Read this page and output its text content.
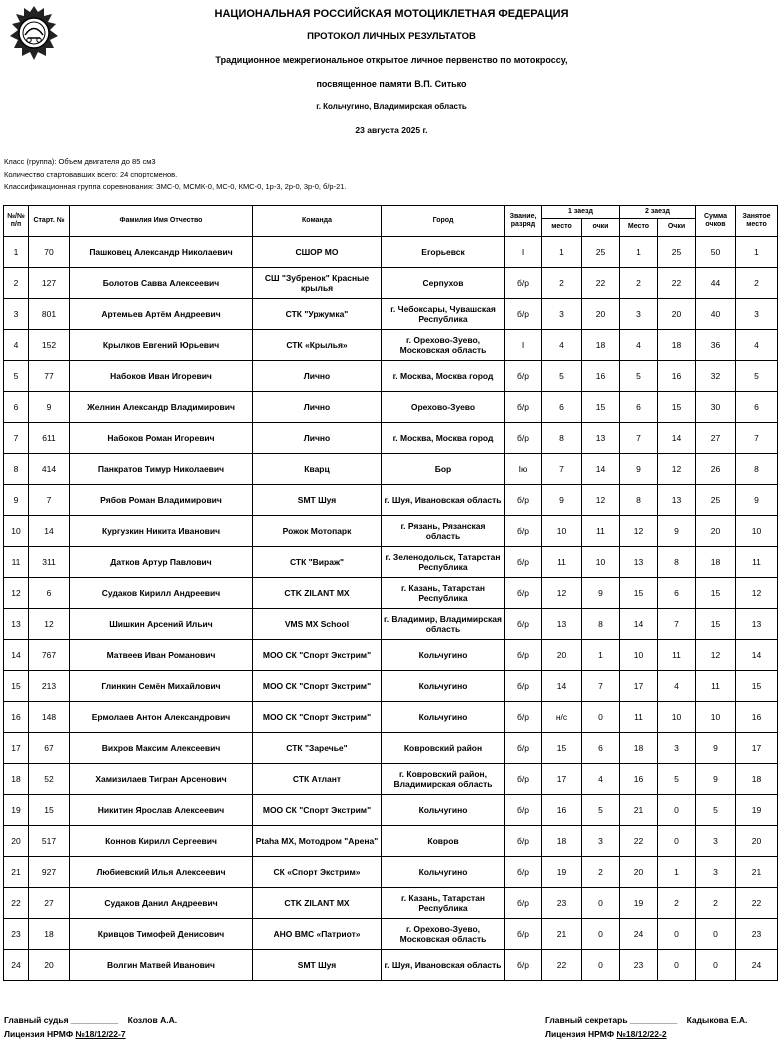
НАЦИОНАЛЬНАЯ РОССИЙСКАЯ МОТОЦИКЛЕТНАЯ ФЕДЕРАЦИЯ
ПРОТОКОЛ ЛИЧНЫХ РЕЗУЛЬТАТОВ
Традиционное межрегиональное открытое личное первенство по мотокроссу,
посвященное памяти В.П. Ситько
г. Кольчугино, Владимирская область
23 августа 2025 г.
Класс (группа): Объем двигателя до 85 см3
Количество стартовавших всего: 24 спортсменов.
Классификационная группа соревнования: ЗМС-0, МСМК-0, МС-0, КМС-0, 1р-3, 2р-0, 3р-0, б/р-21.
№/№ п/п	Старт. №	Фамилия Имя Отчество	Команда	Город	Звание, разряд	1 заезд		2 заезд		Сумма очков	Занятое место
						место	очки	Место	Очки		
1	70	Пашковец Александр Николаевич	СШОР МО	Егорьевск	I	1	25	1	25	50	1
2	127	Болотов Савва Алексеевич	СШ "Зубренок" Красные крылья	Серпухов	б/р	2	22	2	22	44	2
3	801	Артемьев Артём Андреевич	СТК "Уржумка"	г. Чебоксары, Чувашская Республика	б/р	3	20	3	20	40	3
4	152	Крылков Евгений Юрьевич	СТК «Крылья»	г. Орехово-Зуево, Московская область	I	4	18	4	18	36	4
5	77	Набоков Иван Игоревич	Лично	г. Москва, Москва город	б/р	5	16	5	16	32	5
6	9	Желнин Александр Владимирович	Лично	Орехово-Зуево	б/р	6	15	6	15	30	6
7	611	Набоков Роман Игоревич	Лично	г. Москва, Москва город	б/р	8	13	7	14	27	7
8	414	Панкратов Тимур Николаевич	Кварц	Бор	Iю	7	14	9	12	26	8
9	7	Рябов Роман Владимирович	SMT Шуя	г. Шуя, Ивановская область	б/р	9	12	8	13	25	9
10	14	Кургузкин Никита Иванович	Рожок Мотопарк	г. Рязань, Рязанская область	б/р	10	11	12	9	20	10
11	311	Датков Артур Павлович	СТК "Вираж"	г. Зеленодольск, Татарстан Республика	б/р	11	10	13	8	18	11
12	6	Судаков Кирилл Андреевич	CTK ZILANT MX	г. Казань, Татарстан Республика	б/р	12	9	15	6	15	12
13	12	Шишкин Арсений Ильич	VMS MX School	г. Владимир, Владимирская область	б/р	13	8	14	7	15	13
14	767	Матвеев Иван Романович	МОО СК "Спорт Экстрим"	Кольчугино	б/р	20	1	10	11	12	14
15	213	Глинкин Семён Михайлович	МОО СК "Спорт Экстрим"	Кольчугино	б/р	14	7	17	4	11	15
16	148	Ермолаев Антон Александрович	МОО СК "Спорт Экстрим"	Кольчугино	б/р	н/с	0	11	10	10	16
17	67	Вихров Максим Алексеевич	СТК "Заречье"	Ковровский район	б/р	15	6	18	3	9	17
18	52	Хамизилаев Тигран Арсенович	СТК Атлант	г. Ковровский район, Владимирская область	б/р	17	4	16	5	9	18
19	15	Никитин Ярослав Алексеевич	МОО СК "Спорт Экстрим"	Кольчугино	б/р	16	5	21	0	5	19
20	517	Коннов Кирилл Сергеевич	Ptaha MX, Мотодром "Арена"	Ковров	б/р	18	3	22	0	3	20
21	927	Любиевский Илья Алексеевич	СК «Спорт Экстрим»	Кольчугино	б/р	19	2	20	1	3	21
22	27	Судаков Данил Андреевич	CTK ZILANT MX	г. Казань, Татарстан Республика	б/р	23	0	19	2	2	22
23	18	Кривцов Тимофей Денисович	АНО ВМС «Патриот»	г. Орехово-Зуево, Московская область	б/р	21	0	24	0	0	23
24	20	Волгин Матвей Иванович	SMT Шуя	г. Шуя, Ивановская область	б/р	22	0	23	0	0	24
Главный судья __________ Козлов А.А.
Лицензия НРМФ №18/12/22-7
Главный секретарь __________ Кадыкова Е.А.
Лицензия НРМФ №18/12/22-2
